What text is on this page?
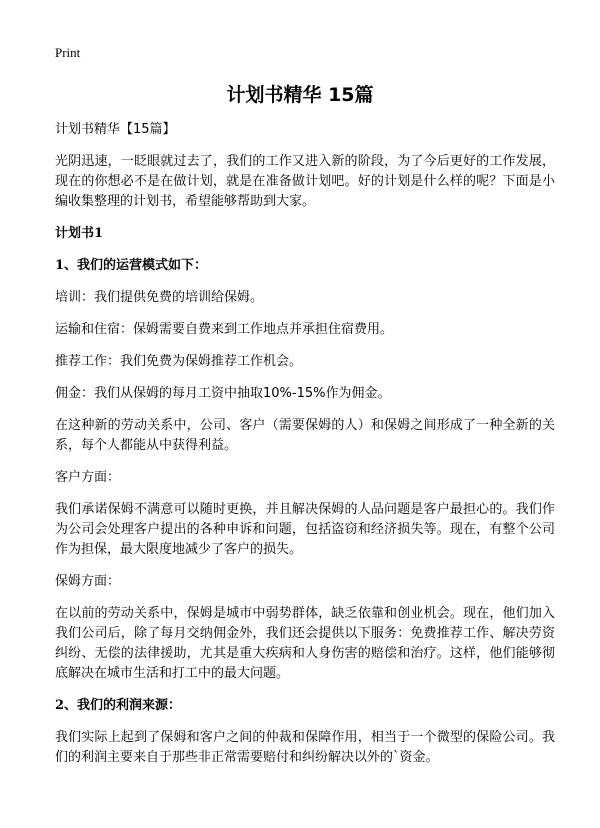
Print
计划书精华 15篇

计划书精华【15篇】

光阴迅速，一眨眼就过去了，我们的工作又进入新的阶段，为了今后更好的工作发展，现在的你想必不是在做计划，就是在准备做计划吧。好的计划是什么样的呢？下面是小编收集整理的计划书，希望能够帮助到大家。

计划书1
1、我们的运营模式如下：

培训：我们提供免费的培训给保姆。

运输和住宿：保姆需要自费来到工作地点并承担住宿费用。

推荐工作：我们免费为保姆推荐工作机会。

佣金：我们从保姆的每月工资中抽取10%-15%作为佣金。

在这种新的劳动关系中，公司、客户（需要保姆的人）和保姆之间形成了一种全新的关系，每个人都能从中获得利益。

客户方面：

我们承诺保姆不满意可以随时更换，并且解决保姆的人品问题是客户最担心的。我们作为公司会处理客户提出的各种申诉和问题，包括盗窃和经济损失等。现在，有整个公司作为担保，最大限度地减少了客户的损失。

保姆方面：

在以前的劳动关系中，保姆是城市中弱势群体，缺乏依靠和创业机会。现在，他们加入我们公司后，除了每月交纳佣金外，我们还会提供以下服务：免费推荐工作、解决劳资纠纷、无偿的法律援助，尤其是重大疾病和人身伤害的赔偿和治疗。这样，他们能够彻底解决在城市生活和打工中的最大问题。

2、我们的利润来源：

我们实际上起到了保姆和客户之间的仲裁和保障作用，相当于一个微型的保险公司。我们的利润主要来自于那些非正常需要赔付和纠纷解决以外的`资金。
